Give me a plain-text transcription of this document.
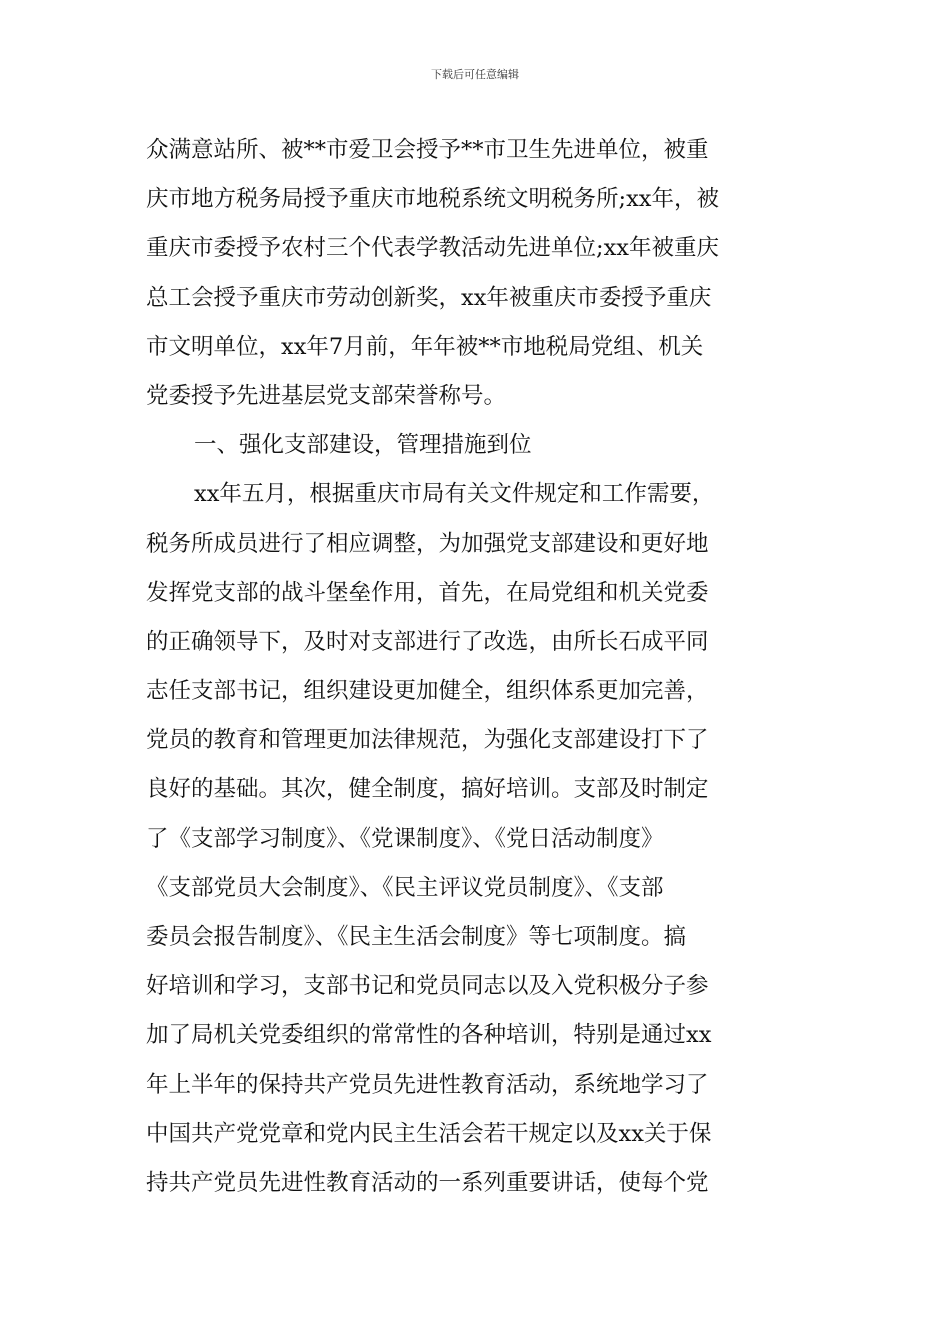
下载后可任意编辑
众满意站所、被**市爱卫会授予**市卫生先进单位，被重
庆市地方税务局授予重庆市地税系统文明税务所;xx年，被
重庆市委授予农村三个代表学教活动先进单位;xx年被重庆
总工会授予重庆市劳动创新奖，xx年被重庆市委授予重庆
市文明单位，xx年7月前，年年被**市地税局党组、机关
党委授予先进基层党支部荣誉称号。
一、强化支部建设，管理措施到位
xx年五月，根据重庆市局有关文件规定和工作需要，
税务所成员进行了相应调整，为加强党支部建设和更好地
发挥党支部的战斗堡垒作用，首先，在局党组和机关党委
的正确领导下，及时对支部进行了改选，由所长石成平同
志任支部书记，组织建设更加健全，组织体系更加完善，
党员的教育和管理更加法律规范，为强化支部建设打下了
良好的基础。其次，健全制度，搞好培训。支部及时制定
了《支部学习制度》、《党课制度》、《党日活动制度》
《支部党员大会制度》、《民主评议党员制度》、《支部
委员会报告制度》、《民主生活会制度》等七项制度。搞
好培训和学习，支部书记和党员同志以及入党积极分子参
加了局机关党委组织的常常性的各种培训，特别是通过xx
年上半年的保持共产党员先进性教育活动，系统地学习了
中国共产党党章和党内民主生活会若干规定以及xx关于保
持共产党员先进性教育活动的一系列重要讲话，使每个党
